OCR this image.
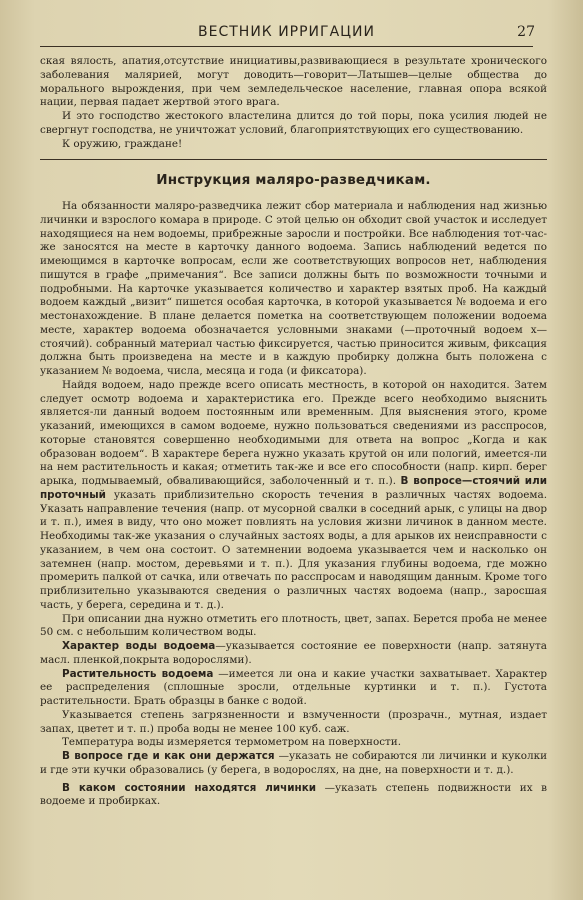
ВЕСТНИК ИРРИГАЦИИ	27

ская вялость, апатия,отсутствие инициативы,развивающиеся в результате хронического заболевания малярией, могут доводить—говорит—Латышев—целые общества до морального вырождения, при чем земледельческое население, главная опора всякой нации, первая падает жертвой этого врага.

И это господство жестокого властелина длится до той поры, пока усилия людей не свергнут господства, не уничтожат условий, благоприятствующих его существованию.

К оружию, граждане!

Инструкция маляро-разведчикам.

На обязанности маляро-разведчика лежит сбор материала и наблюдения над жизнью личинки и взрослого комара в природе. С этой целью он обходит свой участок и исследует находящиеся на нем водоемы, прибрежные заросли и постройки. Все наблюдения тот-час-же заносятся на месте в карточку данного водоема. Запись наблюдений ведется по имеющимся в карточке вопросам, если же соответствующих вопросов нет, наблюдения пишутся в графе „примечания“. Все записи должны быть по возможности точными и подробными. На карточке указывается количество и характер взятых проб. На каждый водоем каждый „визит“ пишется особая карточка, в которой указывается № водоема и его местонахождение. В плане делается пометка на соответствующем положении водоема месте, характер водоема обозначается условными знаками (—проточный водоем х—стоячий). собранный материал частью фиксируется, частью приносится живым, фиксация должна быть произведена на месте и в каждую пробирку должна быть положена с указанием № водоема, числа, месяца и года (и фиксатора).

Найдя водоем, надо прежде всего описать местность, в которой он находится. Затем следует осмотр водоема и характеристика его. Прежде всего необходимо выяснить является-ли данный водоем постоянным или временным. Для выяснения этого, кроме указаний, имеющихся в самом водоеме, нужно пользоваться сведениями из расспросов, которые становятся совершенно необходимыми для ответа на вопрос „Когда и как образован водоем“. В характере берега нужно указать крутой он или пологий, имеется-ли на нем растительность и какая; отметить так-же и все его способности (напр. кирп. берег арыка, подмываемый, обваливающийся, заболоченный и т. п.). В вопросе—стоячий или проточный указать приблизительно скорость течения в различных частях водоема. Указать направление течения (напр. от мусорной свалки в соседний арык, с улицы на двор и т. п.), имея в виду, что оно может повлиять на условия жизни личинок в данном месте. Необходимы так-же указания о случайных застоях воды, а для арыков их неисправности с указанием, в чем она состоит. О затемнении водоема указывается чем и насколько он затемнен (напр. мостом, деревьями и т. п.). Для указания глубины водоема, где можно промерить палкой от сачка, или отвечать по расспросам и наводящим данным. Кроме того приблизительно указываются сведения о различных частях водоема (напр., заросшая часть, у берега, середина и т. д.).

При описании дна нужно отметить его плотность, цвет, запах. Берется проба не менее 50 см. с небольшим количеством воды.

Характер воды водоема—указывается состояние ее поверхности (напр. затянута масл. пленкой,покрыта водорослями).

Растительность водоема —имеется ли она и какие участки захватывает. Характер ее распределения (сплошные зросли, отдельные куртинки и т. п.). Густота растительности. Брать образцы в банке с водой.

Указывается степень загрязненности и взмученности (прозрачн., мутная, издает запах, цветет и т. п.) проба воды не менее 100 куб. саж.

Температура воды измеряется термометром на поверхности.

В вопросе где и как они держатся —указать не собираются ли личинки и куколки и где эти кучки образовались (у берега, в водорослях, на дне, на поверхности и т. д.).

В каком состоянии находятся личинки —указать степень подвижности их в водоеме и пробирках.
